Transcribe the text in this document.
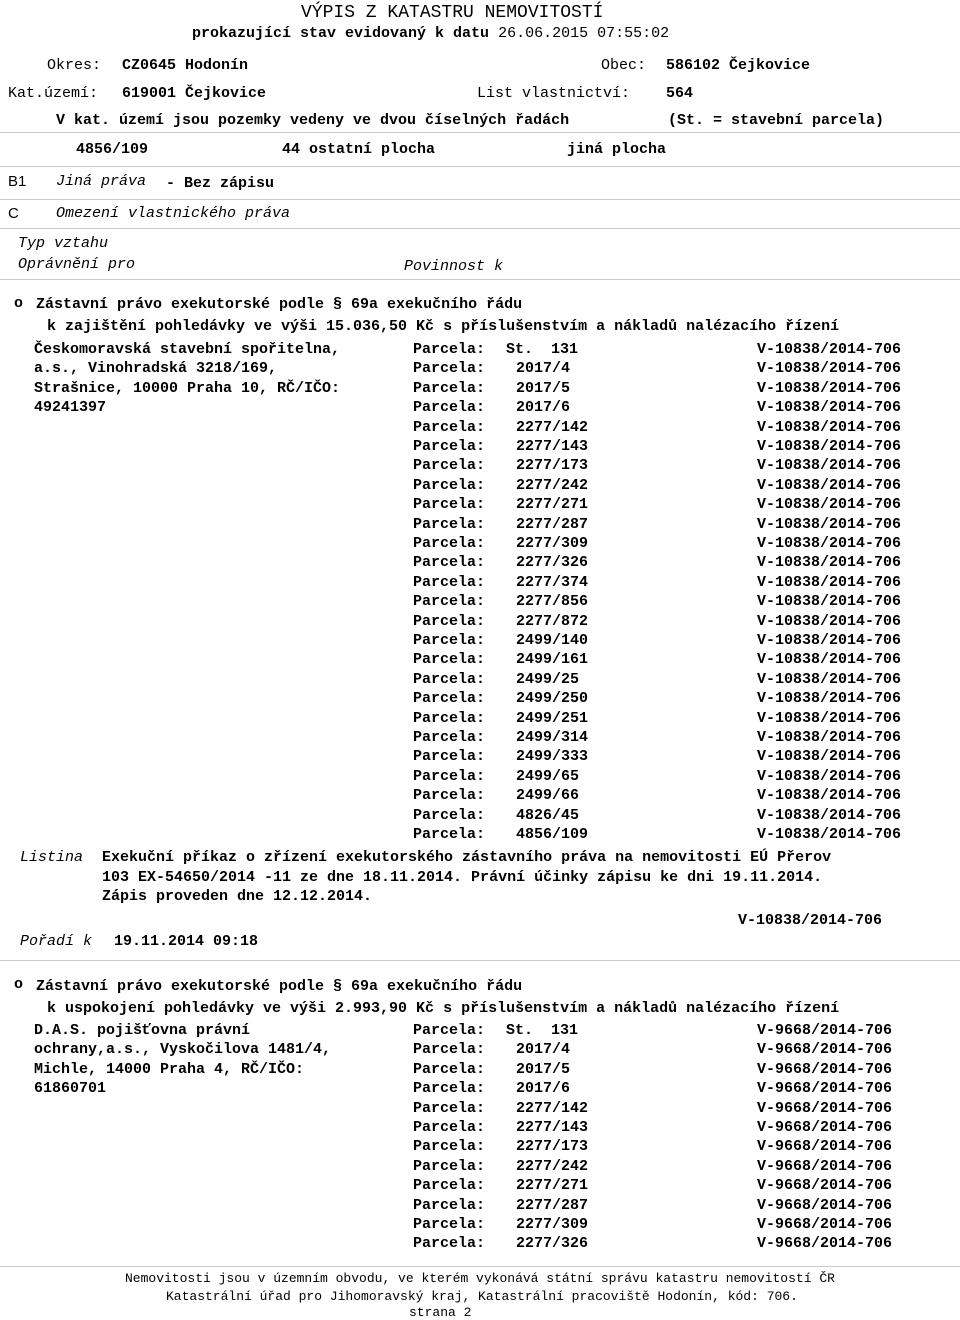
VÝPIS Z KATASTRU NEMOVITOSTÍ
prokazující stav evidovaný k datu 26.06.2015 07:55:02
Okres: CZ0645 Hodonín	Obec: 586102 Čejkovice
Kat.území: 619001 Čejkovice	List vlastnictví: 564
V kat. území jsou pozemky vedeny ve dvou číselných řadách	(St. = stavební parcela)
4856/109	44 ostatní plocha	jiná plocha
B1 Jiná práva - Bez zápisu
C Omezení vlastnického práva
Typ vztahu
Oprávnění pro	Povinnost k
o Zástavní právo exekutorské podle § 69a exekučního řádu
k zajištění pohledávky ve výši 15.036,50 Kč s příslušenstvím a nákladů nalézacího řízení
Českomoravská stavební spořitelna,
a.s., Vinohradská 3218/169,
Strašnice, 10000 Praha 10, RČ/IČO:
49241397
Parcela: St.  131	V-10838/2014-706
Parcela: 2017/4	V-10838/2014-706
Parcela: 2017/5	V-10838/2014-706
Parcela: 2017/6	V-10838/2014-706
Parcela: 2277/142	V-10838/2014-706
Parcela: 2277/143	V-10838/2014-706
Parcela: 2277/173	V-10838/2014-706
Parcela: 2277/242	V-10838/2014-706
Parcela: 2277/271	V-10838/2014-706
Parcela: 2277/287	V-10838/2014-706
Parcela: 2277/309	V-10838/2014-706
Parcela: 2277/326	V-10838/2014-706
Parcela: 2277/374	V-10838/2014-706
Parcela: 2277/856	V-10838/2014-706
Parcela: 2277/872	V-10838/2014-706
Parcela: 2499/140	V-10838/2014-706
Parcela: 2499/161	V-10838/2014-706
Parcela: 2499/25	V-10838/2014-706
Parcela: 2499/250	V-10838/2014-706
Parcela: 2499/251	V-10838/2014-706
Parcela: 2499/314	V-10838/2014-706
Parcela: 2499/333	V-10838/2014-706
Parcela: 2499/65	V-10838/2014-706
Parcela: 2499/66	V-10838/2014-706
Parcela: 4826/45	V-10838/2014-706
Parcela: 4856/109	V-10838/2014-706
Listina Exekuční příkaz o zřízení exekutorského zástavního práva na nemovitosti EÚ Přerov
103 EX-54650/2014 -11 ze dne 18.11.2014. Právní účinky zápisu ke dni 19.11.2014.
Zápis proveden dne 12.12.2014.
V-10838/2014-706
Pořadí k 19.11.2014 09:18
o Zástavní právo exekutorské podle § 69a exekučního řádu
k uspokojení pohledávky ve výši 2.993,90 Kč s příslušenstvím a nákladů nalézacího řízení
D.A.S. pojišťovna právní
ochrany,a.s., Vyskočilova 1481/4,
Michle, 14000 Praha 4, RČ/IČO:
61860701
Parcela: St.  131	V-9668/2014-706
Parcela: 2017/4	V-9668/2014-706
Parcela: 2017/5	V-9668/2014-706
Parcela: 2017/6	V-9668/2014-706
Parcela: 2277/142	V-9668/2014-706
Parcela: 2277/143	V-9668/2014-706
Parcela: 2277/173	V-9668/2014-706
Parcela: 2277/242	V-9668/2014-706
Parcela: 2277/271	V-9668/2014-706
Parcela: 2277/287	V-9668/2014-706
Parcela: 2277/309	V-9668/2014-706
Parcela: 2277/326	V-9668/2014-706
Nemovitosti jsou v územním obvodu, ve kterém vykonává státní správu katastru nemovitostí ČR
Katastrální úřad pro Jihomoravský kraj, Katastrální pracoviště Hodonín, kód: 706.
strana 2
